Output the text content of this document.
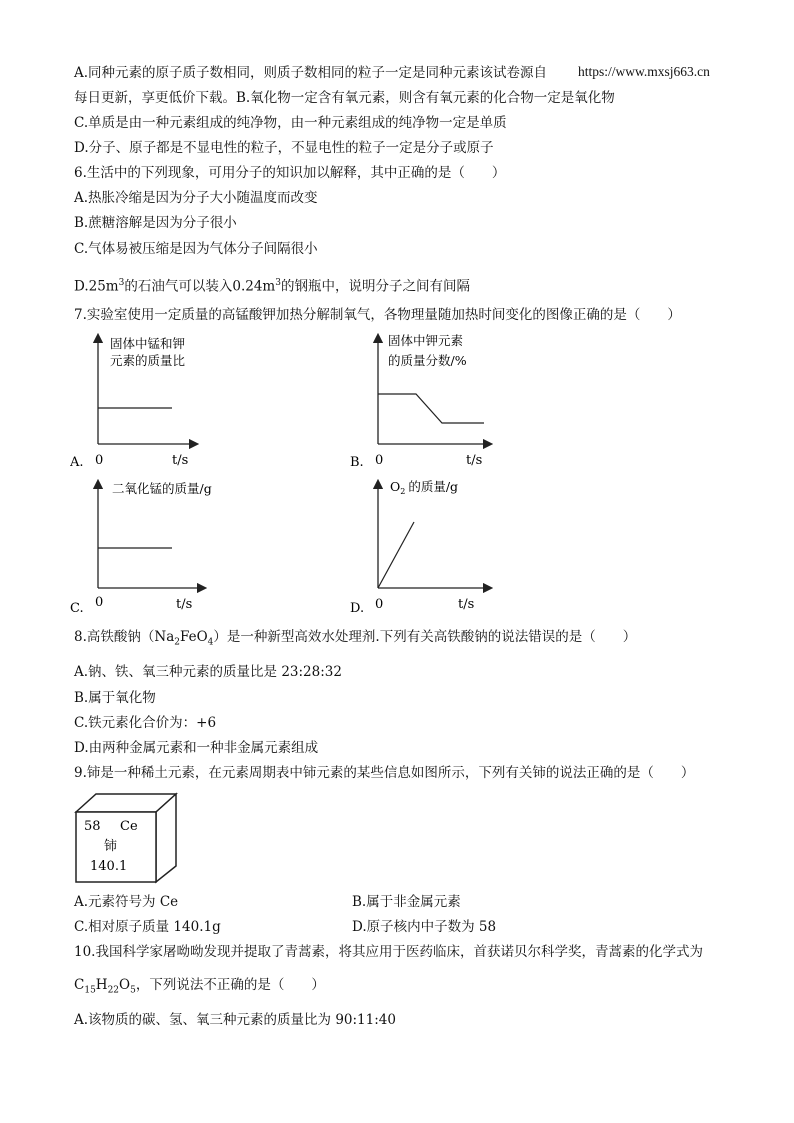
A.同种元素的原子质子数相同，则质子数相同的粒子一定是同种元素该试卷源自 https://www.mxsj663.cn
每日更新，享更低价下载。B.氧化物一定含有氧元素，则含有氧元素的化合物一定是氧化物
C.单质是由一种元素组成的纯净物，由一种元素组成的纯净物一定是单质
D.分子、原子都是不显电性的粒子，不显电性的粒子一定是分子或原子
6.生活中的下列现象，可用分子的知识加以解释，其中正确的是（　　）
A.热胀冷缩是因为分子大小随温度而改变
B.蔗糖溶解是因为分子很小
C.气体易被压缩是因为气体分子间隔很小
$D.25m^3$的石油气可以装入$0.24m^3$的钢瓶中，说明分子之间有间隔
7.实验室使用一定质量的高锰酸钾加热分解制氧气，各物理量随加热时间变化的图像正确的是（　　）
固体中锰和钾
元素的质量比
A. 0	t/s
固体中钾元素
的质量分数/%
B. 0	t/s
二氧化锰的质量/g
C. 0	t/s
$O_2$ 的质量/g
D. 0	t/s
8.高铁酸钠$(Na_2FeO_4)$是一种新型高效水处理剂.下列有关高铁酸钠的说法错误的是（　　）
A.钠、铁、氧三种元素的质量比是 23:28:32
B.属于氧化物
C.铁元素化合价为：+6
D.由两种金属元素和一种非金属元素组成
9.铈是一种稀土元素，在元素周期表中铈元素的某些信息如图所示，下列有关铈的说法正确的是（　　）
58 Ce
铈
140.1
A.元素符号为 Ce	B.属于非金属元素
C.相对原子质量 140.1g	D.原子核内中子数为 58
10.我国科学家屠呦呦发现并提取了青蒿素，将其应用于医药临床，首获诺贝尔科学奖，青蒿素的化学式为
$C_{15}H_{22}O_5$，下列说法不正确的是（　　）
A.该物质的碳、氢、氧三种元素的质量比为 90:11:40
